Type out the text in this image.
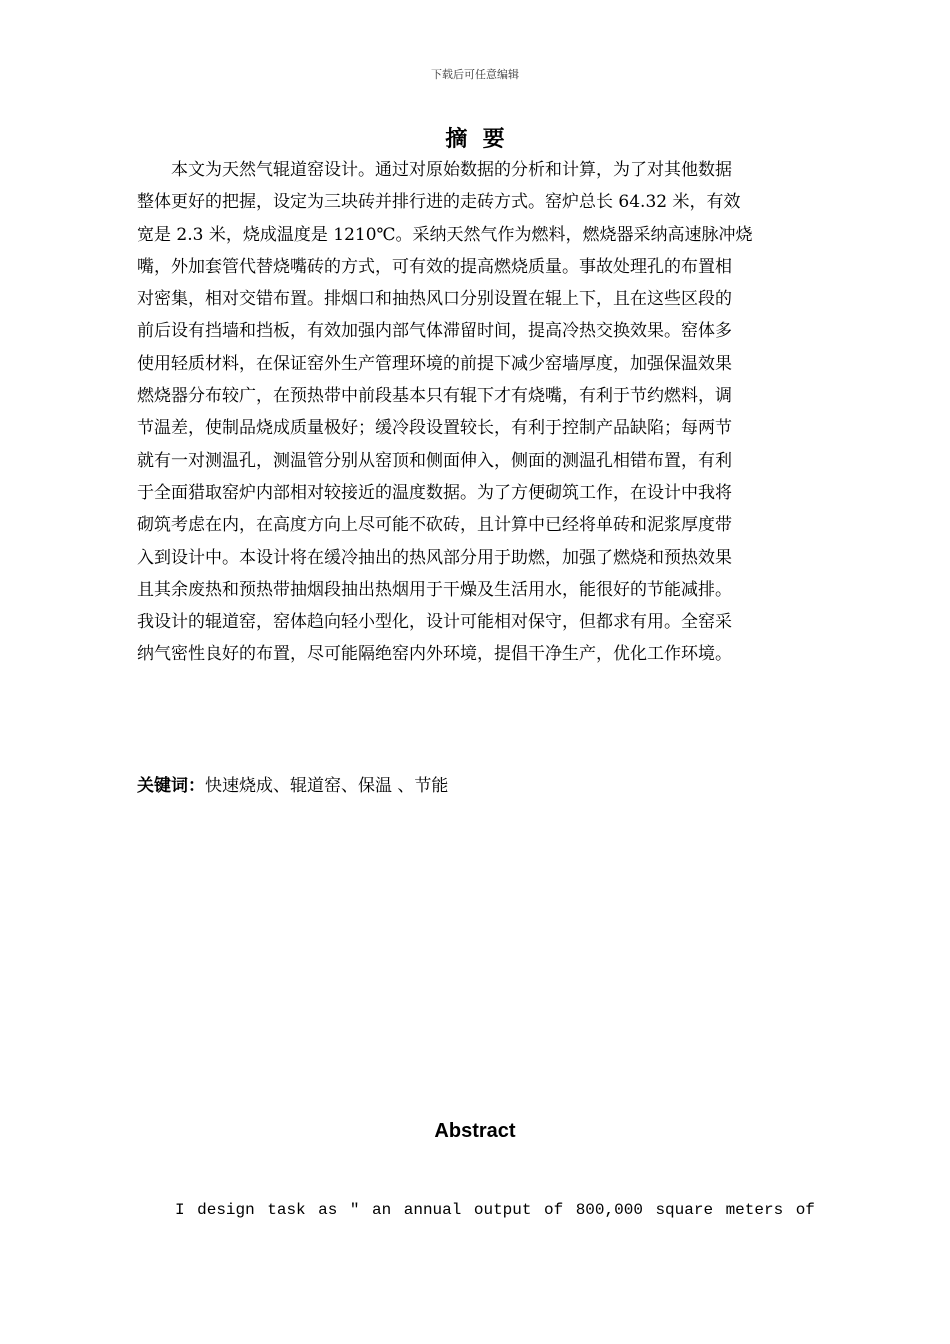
下载后可任意编辑
摘  要
　　本文为天然气辊道窑设计。通过对原始数据的分析和计算，为了对其他数据
整体更好的把握，设定为三块砖并排行进的走砖方式。窑炉总长 64.32 米，有效
宽是 2.3 米，烧成温度是 1210℃。采纳天然气作为燃料，燃烧器采纳高速脉冲烧
嘴，外加套管代替烧嘴砖的方式，可有效的提高燃烧质量。事故处理孔的布置相
对密集，相对交错布置。排烟口和抽热风口分别设置在辊上下，且在这些区段的
前后设有挡墙和挡板，有效加强内部气体滞留时间，提高冷热交换效果。窑体多
使用轻质材料，在保证窑外生产管理环境的前提下减少窑墙厚度，加强保温效果
燃烧器分布较广，在预热带中前段基本只有辊下才有烧嘴，有利于节约燃料，调
节温差，使制品烧成质量极好；缓冷段设置较长，有利于控制产品缺陷；每两节
就有一对测温孔，测温管分别从窑顶和侧面伸入，侧面的测温孔相错布置，有利
于全面猎取窑炉内部相对较接近的温度数据。为了方便砌筑工作，在设计中我将
砌筑考虑在内，在高度方向上尽可能不砍砖，且计算中已经将单砖和泥浆厚度带
入到设计中。本设计将在缓冷抽出的热风部分用于助燃，加强了燃烧和预热效果
且其余废热和预热带抽烟段抽出热烟用于干燥及生活用水，能很好的节能减排。
我设计的辊道窑，窑体趋向轻小型化，设计可能相对保守，但都求有用。全窑采
纳气密性良好的布置，尽可能隔绝窑内外环境，提倡干净生产，优化工作环境。
关键词：快速烧成、辊道窑、保温 、节能
Abstract
I design task as ″ an annual output of 800,000 square meters of
